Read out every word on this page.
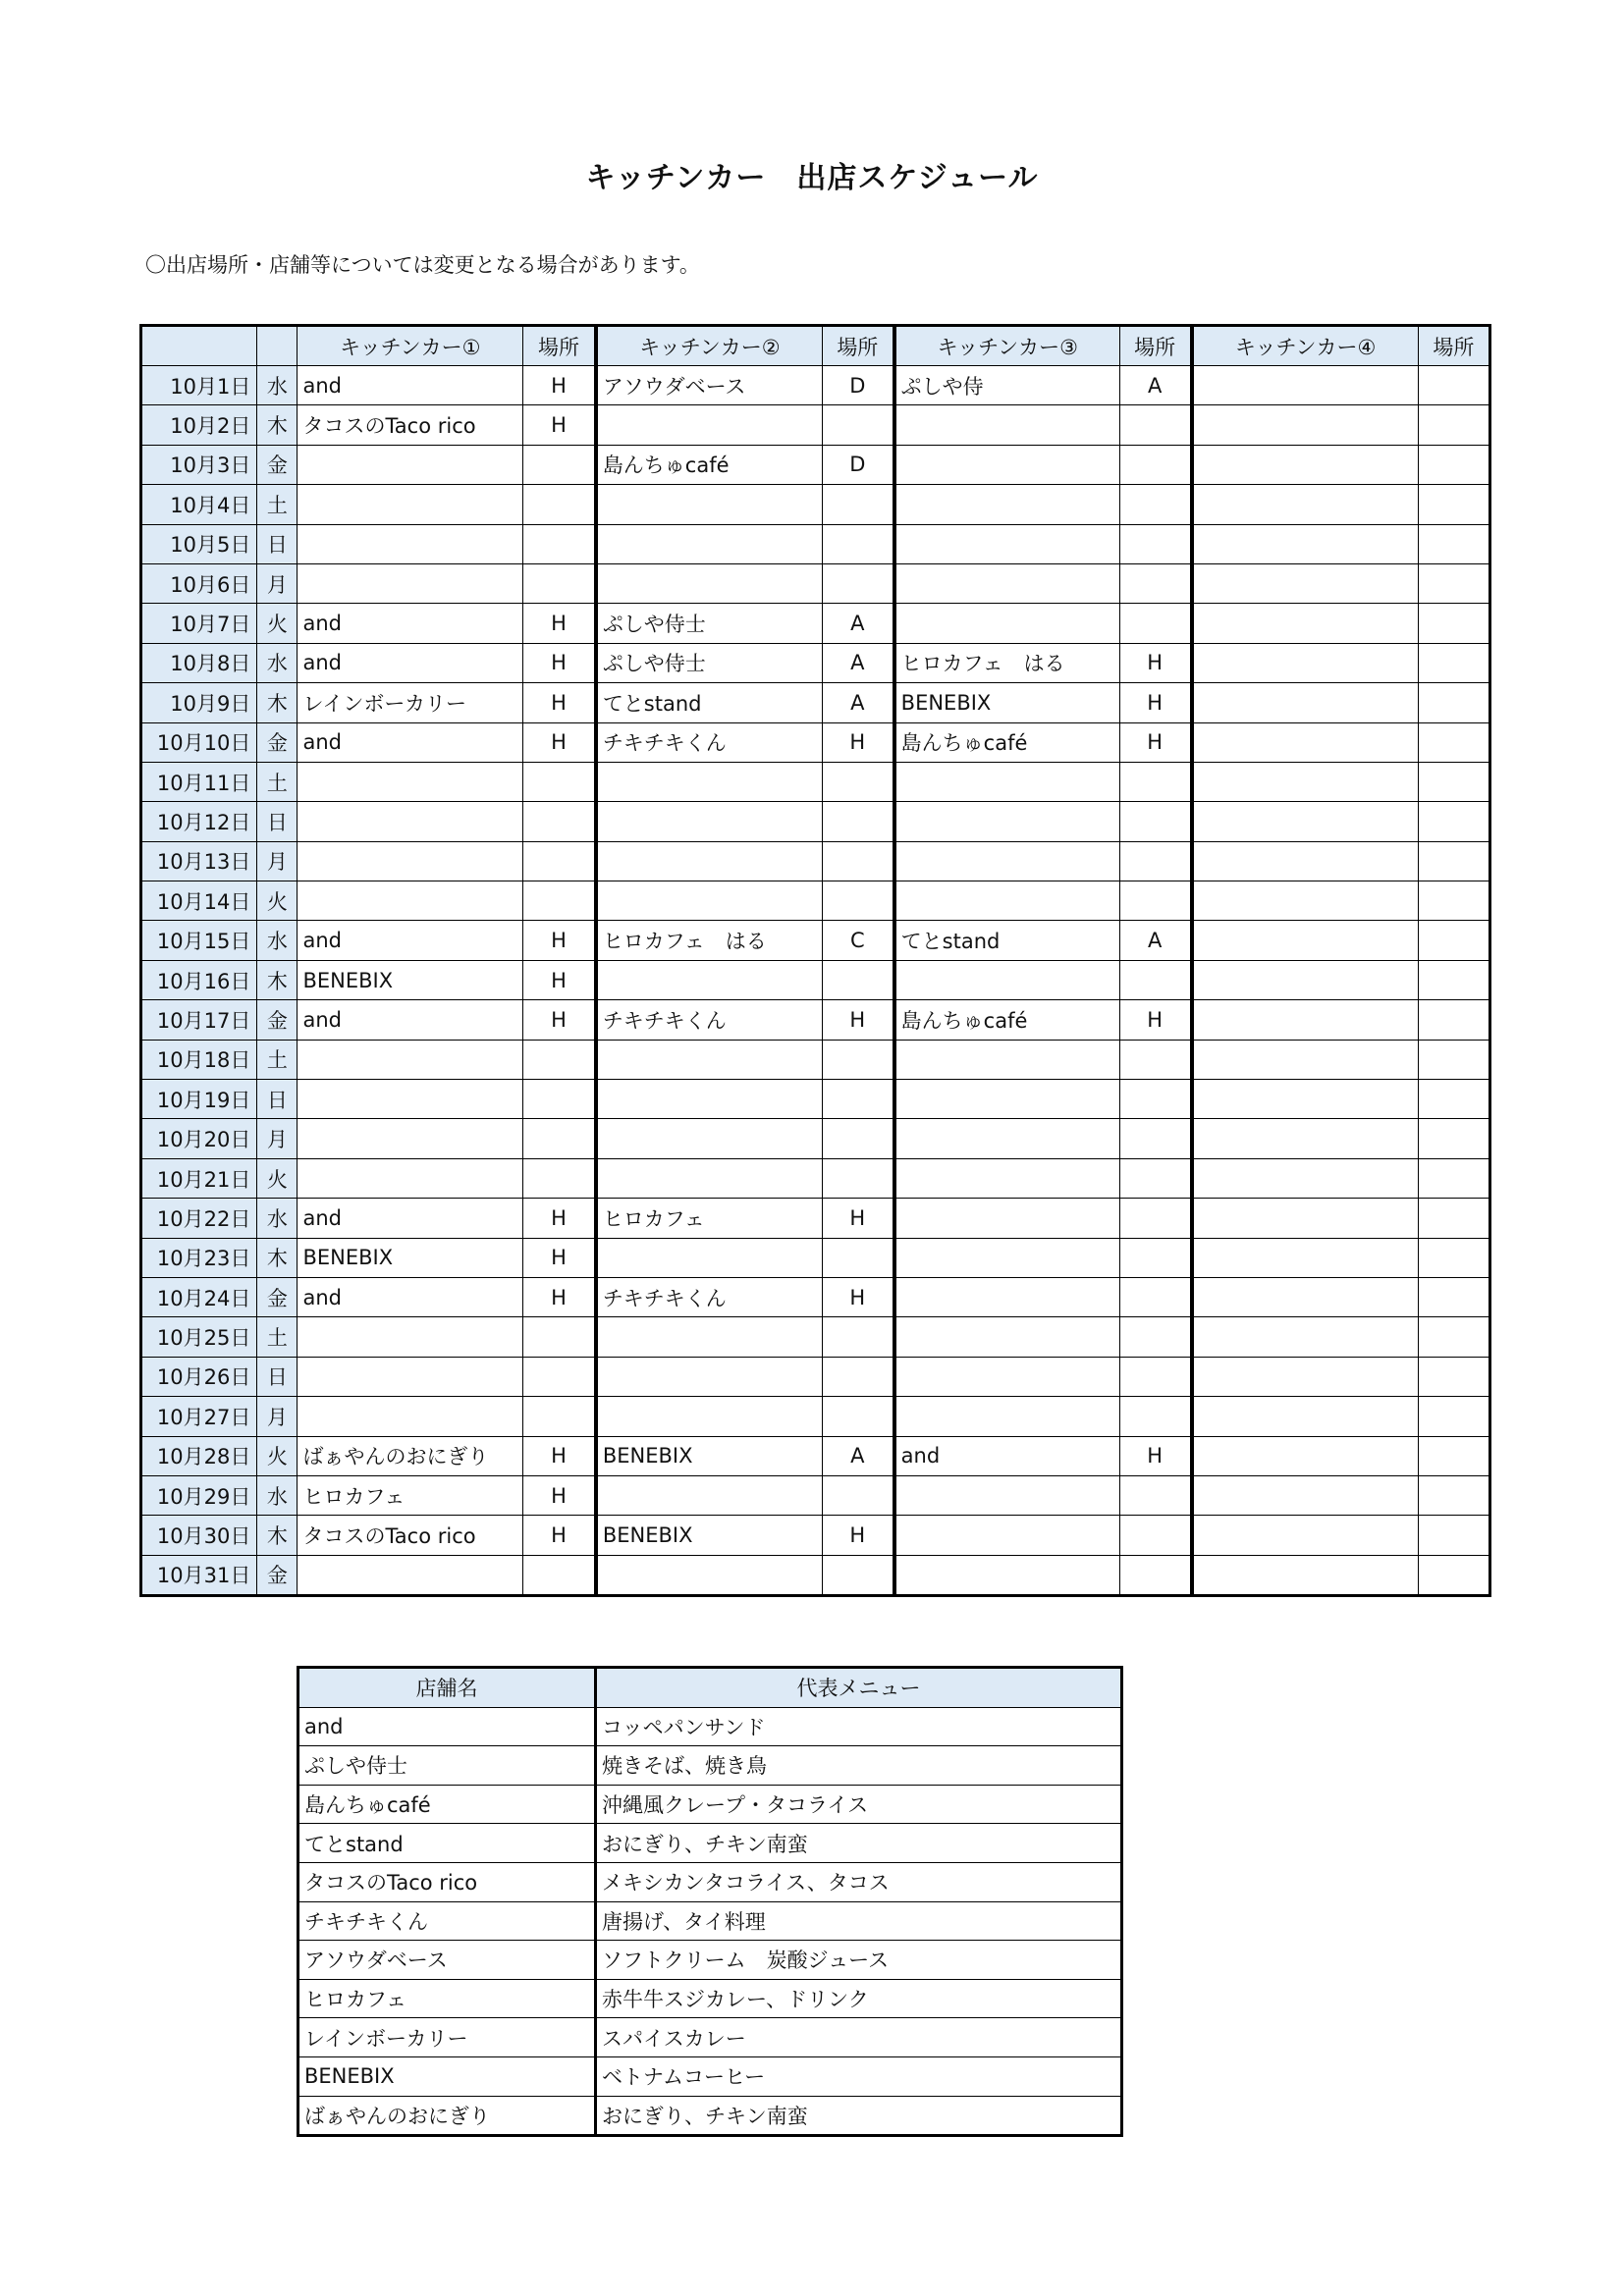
キッチンカー　出店スケジュール
〇出店場所・店舗等については変更となる場合があります。
		キッチンカー①	場所	キッチンカー②	場所	キッチンカー③	場所	キッチンカー④	場所
10月1日	水	and	H	アソウダベース	D	ぷしや侍	A		
10月2日	木	タコスのTaco rico	H						
10月3日	金			島んちゅcafé	D				
10月4日	土								
10月5日	日								
10月6日	月								
10月7日	火	and	H	ぷしや侍士	A				
10月8日	水	and	H	ぷしや侍士	A	ヒロカフェ　はる	H		
10月9日	木	レインボーカリー	H	てとstand	A	BENEBIX	H		
10月10日	金	and	H	チキチキくん	H	島んちゅcafé	H		
10月11日	土								
10月12日	日								
10月13日	月								
10月14日	火								
10月15日	水	and	H	ヒロカフェ　はる	C	てとstand	A		
10月16日	木	BENEBIX	H						
10月17日	金	and	H	チキチキくん	H	島んちゅcafé	H		
10月18日	土								
10月19日	日								
10月20日	月								
10月21日	火								
10月22日	水	and	H	ヒロカフェ	H				
10月23日	木	BENEBIX	H						
10月24日	金	and	H	チキチキくん	H				
10月25日	土								
10月26日	日								
10月27日	月								
10月28日	火	ばぁやんのおにぎり	H	BENEBIX	A	and	H		
10月29日	水	ヒロカフェ	H						
10月30日	木	タコスのTaco rico	H	BENEBIX	H				
10月31日	金								
店舗名	代表メニュー
and	コッペパンサンド
ぷしや侍士	焼きそば、焼き鳥
島んちゅcafé	沖縄風クレープ・タコライス
てとstand	おにぎり、チキン南蛮
タコスのTaco rico	メキシカンタコライス、タコス
チキチキくん	唐揚げ、タイ料理
アソウダベース	ソフトクリーム　炭酸ジュース
ヒロカフェ	赤牛牛スジカレー、ドリンク
レインボーカリー	スパイスカレー
BENEBIX	ベトナムコーヒー
ばぁやんのおにぎり	おにぎり、チキン南蛮
